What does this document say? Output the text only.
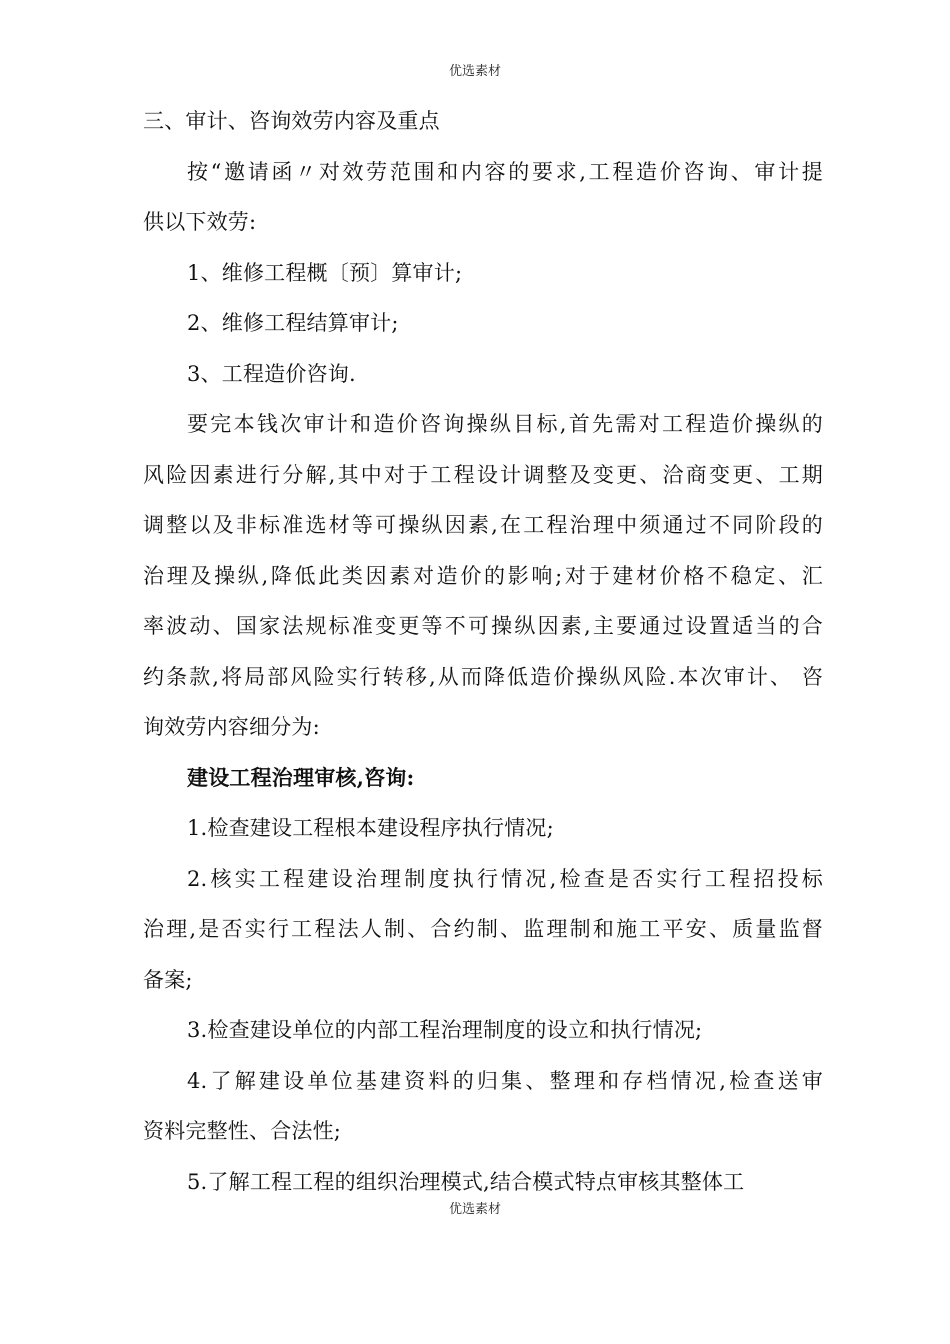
优选素材
三、审计、咨询效劳内容及重点
按“邀请函〃对效劳范围和内容的要求,工程造价咨询、审计提
供以下效劳:
1、维修工程概〔预〕算审计;
2、维修工程结算审计;
3、工程造价咨询.
要完本钱次审计和造价咨询操纵目标,首先需对工程造价操纵的
风险因素进行分解,其中对于工程设计调整及变更、洽商变更、工期
调整以及非标准选材等可操纵因素,在工程治理中须通过不同阶段的
治理及操纵,降低此类因素对造价的影响;对于建材价格不稳定、汇
率波动、国家法规标准变更等不可操纵因素,主要通过设置适当的合
约条款,将局部风险实行转移,从而降低造价操纵风险.本次审计、 咨
询效劳内容细分为:
建设工程治理审核,咨询:
1.检查建设工程根本建设程序执行情况;
2.核实工程建设治理制度执行情况,检查是否实行工程招投标
治理,是否实行工程法人制、合约制、监理制和施工平安、质量监督
备案;
3.检查建设单位的内部工程治理制度的设立和执行情况;
4.了解建设单位基建资料的归集、整理和存档情况,检查送审
资料完整性、合法性;
5.了解工程工程的组织治理模式,结合模式特点审核其整体工
优选素材
